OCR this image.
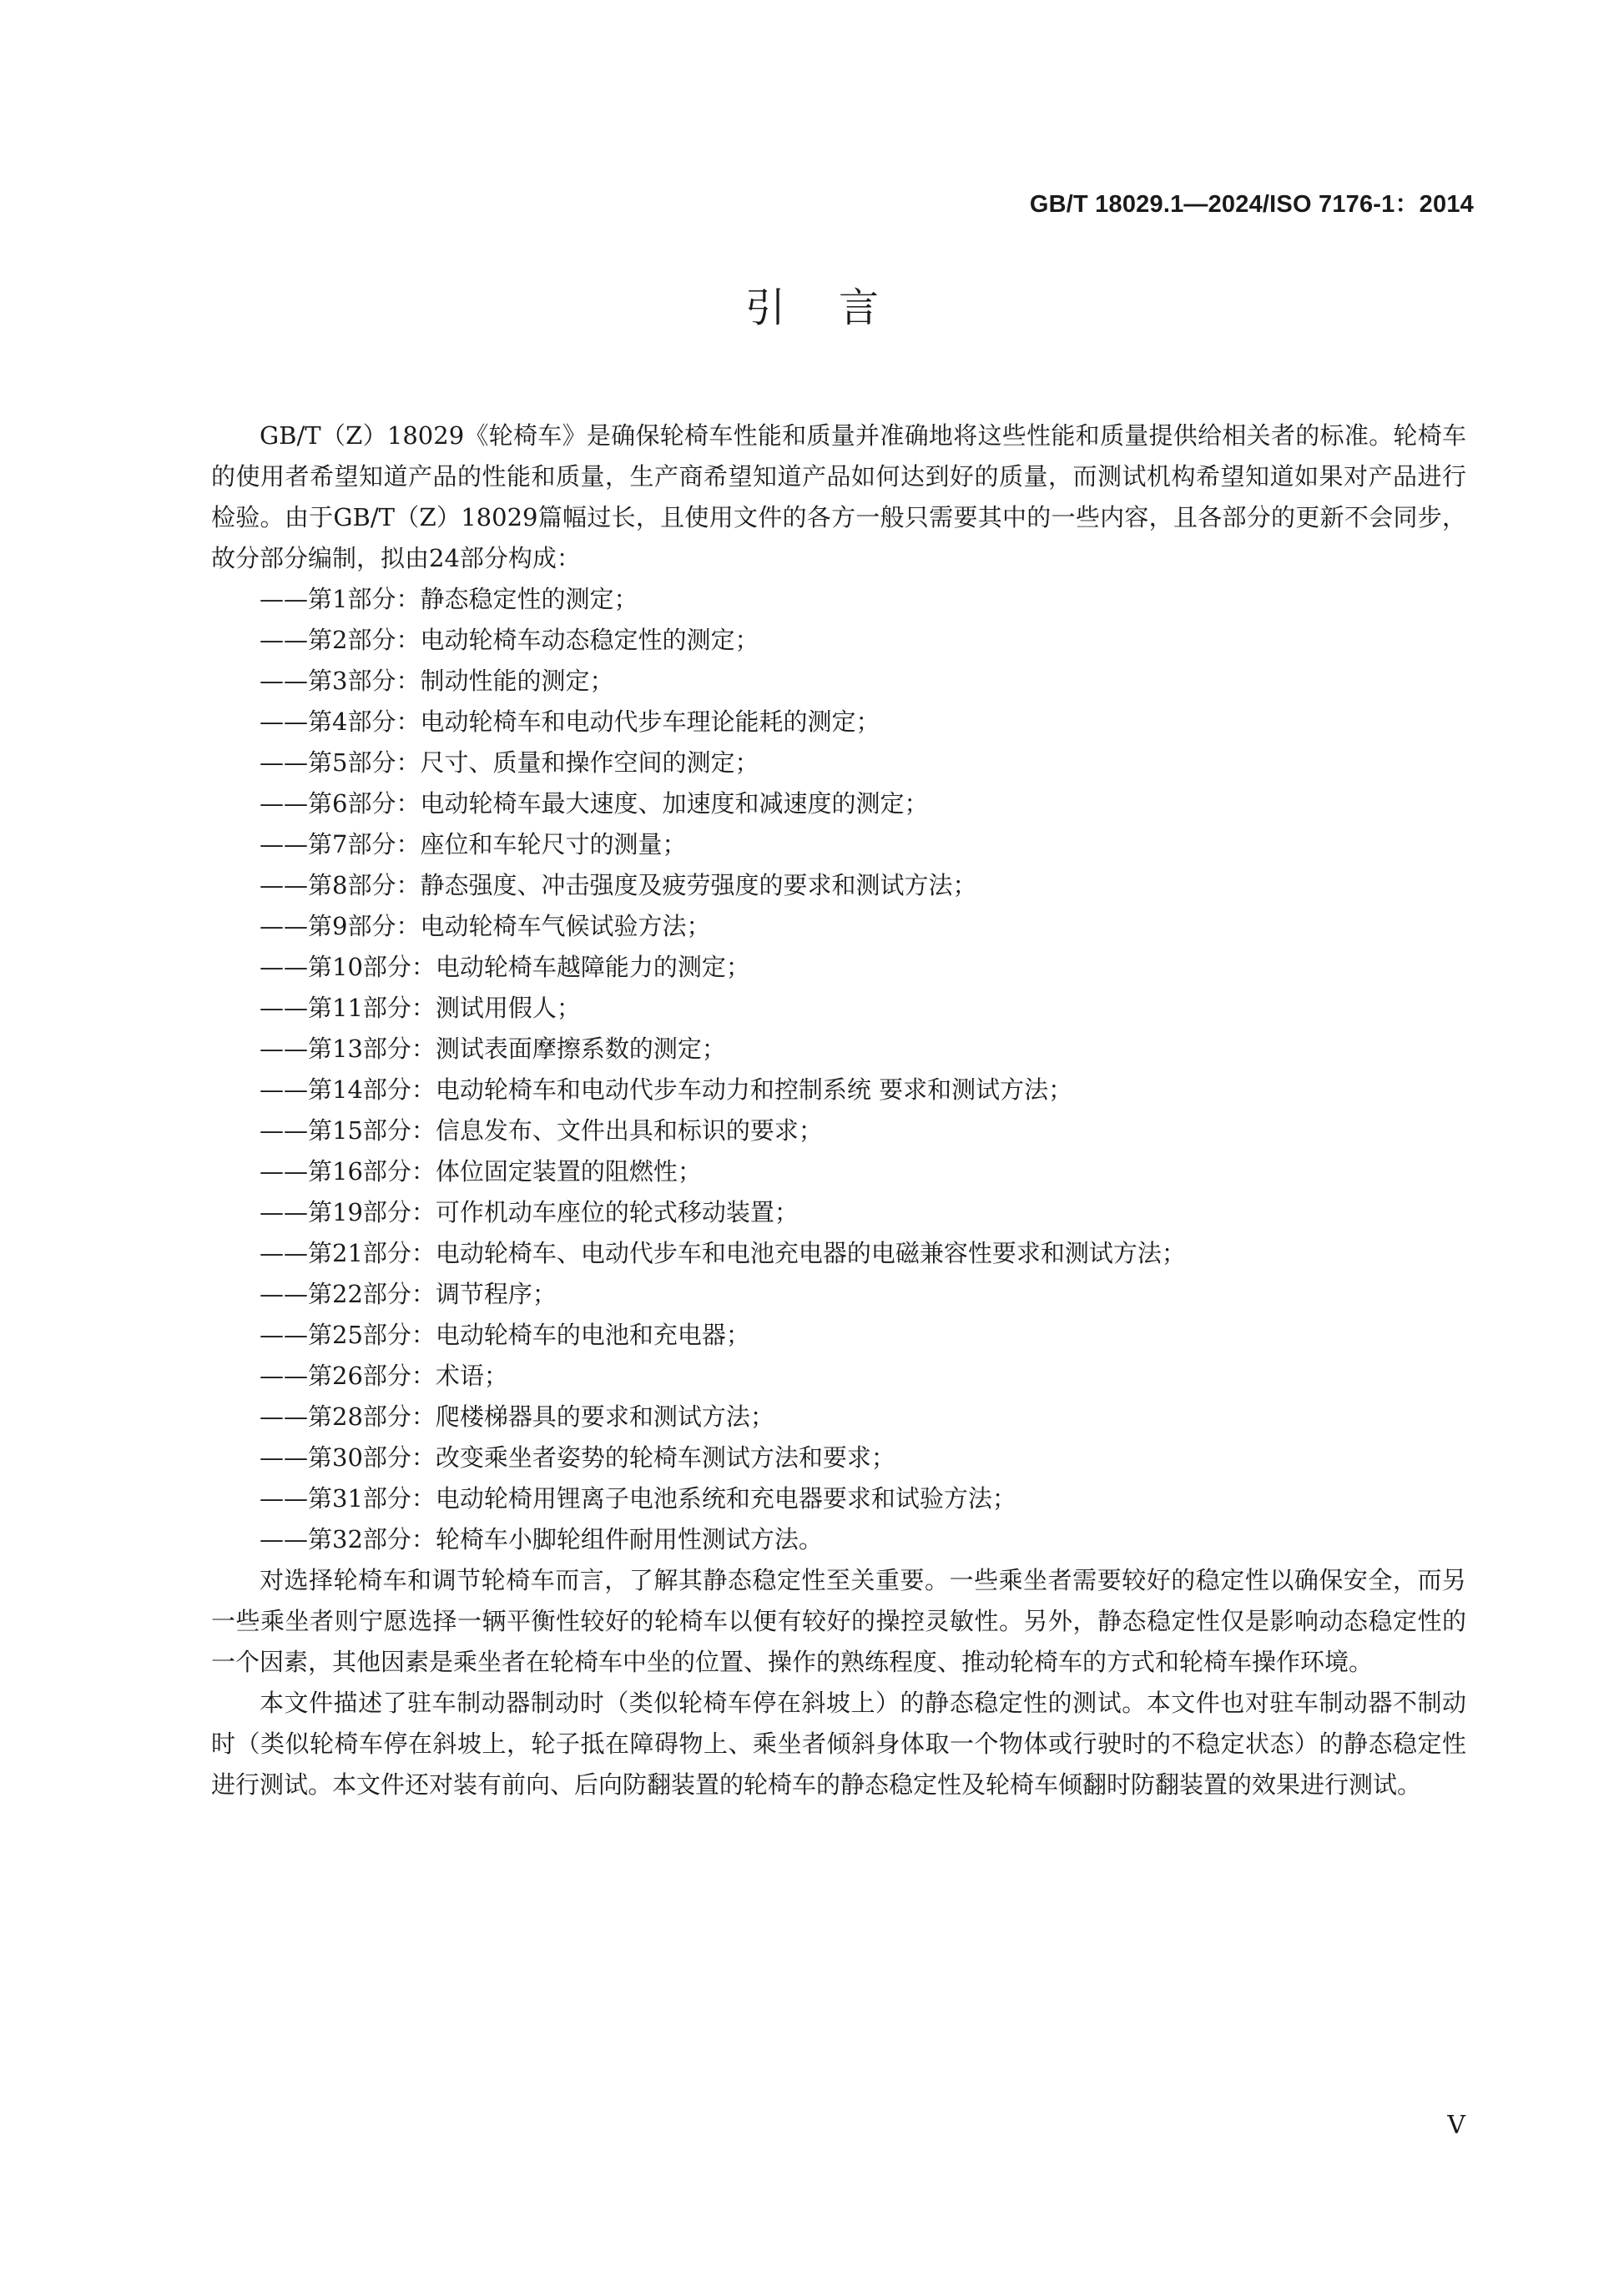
GB/T 18029.1—2024/ISO 7176-1：2014
引言

GB/T（Z）18029《轮椅车》是确保轮椅车性能和质量并准确地将这些性能和质量提供给相关者的标准。轮椅车的使用者希望知道产品的性能和质量，生产商希望知道产品如何达到好的质量，而测试机构希望知道如果对产品进行检验。由于GB/T（Z）18029篇幅过长，且使用文件的各方一般只需要其中的一些内容，且各部分的更新不会同步，故分部分编制，拟由24部分构成：

——第1部分：静态稳定性的测定；
——第2部分：电动轮椅车动态稳定性的测定；
——第3部分：制动性能的测定；
——第4部分：电动轮椅车和电动代步车理论能耗的测定；
——第5部分：尺寸、质量和操作空间的测定；
——第6部分：电动轮椅车最大速度、加速度和减速度的测定；
——第7部分：座位和车轮尺寸的测量；
——第8部分：静态强度、冲击强度及疲劳强度的要求和测试方法；
——第9部分：电动轮椅车气候试验方法；
——第10部分：电动轮椅车越障能力的测定；
——第11部分：测试用假人；
——第13部分：测试表面摩擦系数的测定；
——第14部分：电动轮椅车和电动代步车动力和控制系统 要求和测试方法；
——第15部分：信息发布、文件出具和标识的要求；
——第16部分：体位固定装置的阻燃性；
——第19部分：可作机动车座位的轮式移动装置；
——第21部分：电动轮椅车、电动代步车和电池充电器的电磁兼容性要求和测试方法；
——第22部分：调节程序；
——第25部分：电动轮椅车的电池和充电器；
——第26部分：术语；
——第28部分：爬楼梯器具的要求和测试方法；
——第30部分：改变乘坐者姿势的轮椅车测试方法和要求；
——第31部分：电动轮椅用锂离子电池系统和充电器要求和试验方法；
——第32部分：轮椅车小脚轮组件耐用性测试方法。

对选择轮椅车和调节轮椅车而言，了解其静态稳定性至关重要。一些乘坐者需要较好的稳定性以确保安全，而另一些乘坐者则宁愿选择一辆平衡性较好的轮椅车以便有较好的操控灵敏性。另外，静态稳定性仅是影响动态稳定性的一个因素，其他因素是乘坐者在轮椅车中坐的位置、操作的熟练程度、推动轮椅车的方式和轮椅车操作环境。

本文件描述了驻车制动器制动时（类似轮椅车停在斜坡上）的静态稳定性的测试。本文件也对驻车制动器不制动时（类似轮椅车停在斜坡上，轮子抵在障碍物上、乘坐者倾斜身体取一个物体或行驶时的不稳定状态）的静态稳定性进行测试。本文件还对装有前向、后向防翻装置的轮椅车的静态稳定性及轮椅车倾翻时防翻装置的效果进行测试。

V
